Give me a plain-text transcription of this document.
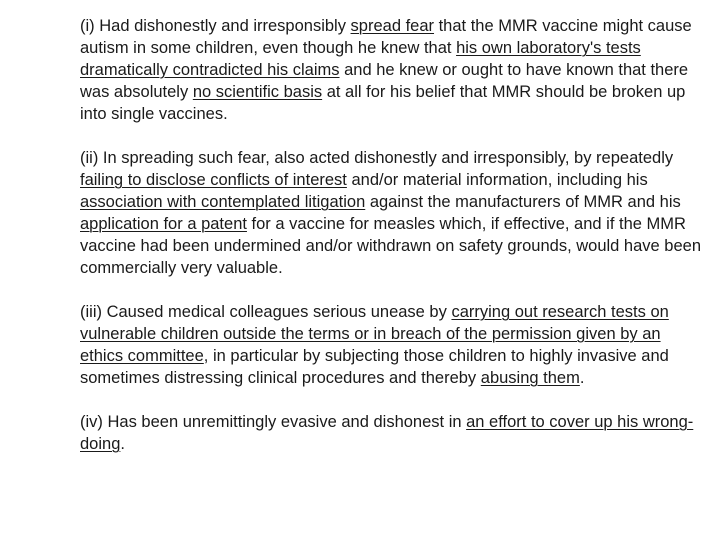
(i) Had dishonestly and irresponsibly spread fear that the MMR vaccine might cause autism in some children, even though he knew that his own laboratory's tests dramatically contradicted his claims and he knew or ought to have known that there was absolutely no scientific basis at all for his belief that MMR should be broken up into single vaccines.

(ii) In spreading such fear, also acted dishonestly and irresponsibly, by repeatedly failing to disclose conflicts of interest and/or material information, including his association with contemplated litigation against the manufacturers of MMR and his application for a patent for a vaccine for measles which, if effective, and if the MMR vaccine had been undermined and/or withdrawn on safety grounds, would have been commercially very valuable.

(iii) Caused medical colleagues serious unease by carrying out research tests on vulnerable children outside the terms or in breach of the permission given by an ethics committee, in particular by subjecting those children to highly invasive and sometimes distressing clinical procedures and thereby abusing them.

(iv) Has been unremittingly evasive and dishonest in an effort to cover up his wrong-doing.
